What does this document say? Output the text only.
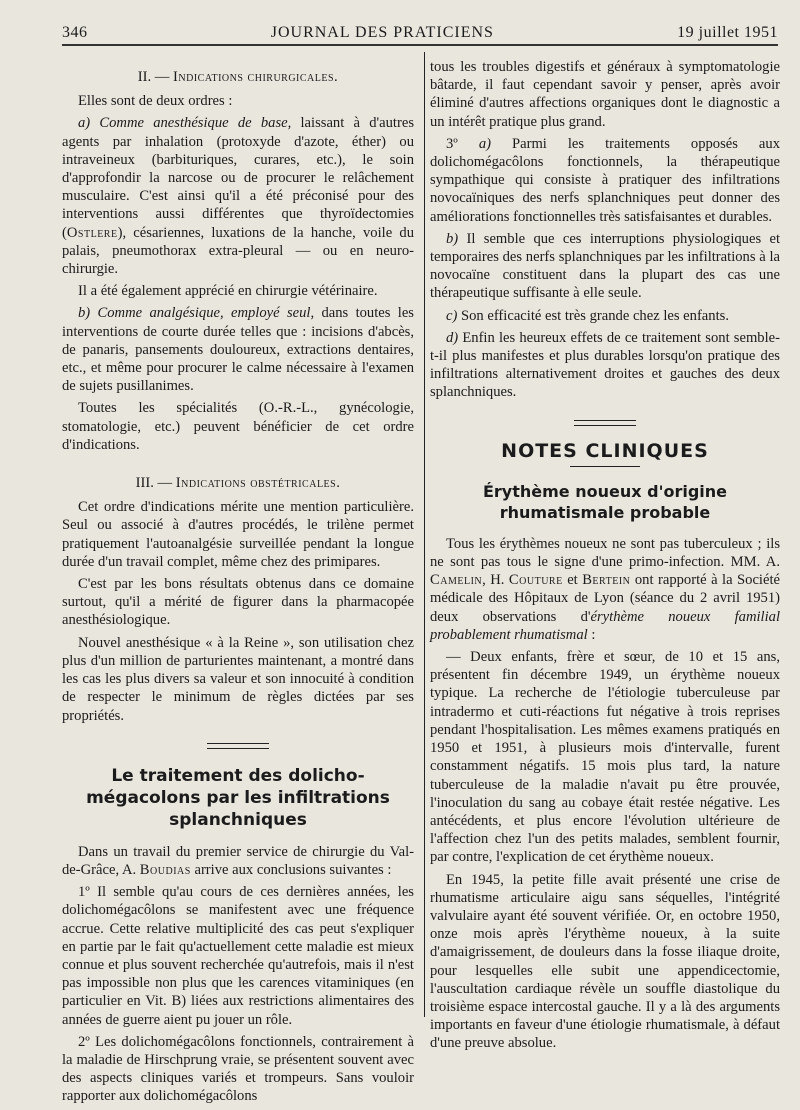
346	JOURNAL DES PRATICIENS	19 juillet 1951
II. — Indications chirurgicales.

Elles sont de deux ordres :

a) Comme anesthésique de base, laissant à d'autres agents par inhalation (protoxyde d'azote, éther) ou intraveineux (barbituriques, curares, etc.), le soin d'approfondir la narcose ou de procurer le relâchement musculaire. C'est ainsi qu'il a été préconisé pour des interventions aussi différentes que thyroïdectomies (Ostlere), césariennes, luxations de la hanche, voile du palais, pneumothorax extra-pleural — ou en neuro-chirurgie.

Il a été également apprécié en chirurgie vétérinaire.

b) Comme analgésique, employé seul, dans toutes les interventions de courte durée telles que : incisions d'abcès, de panaris, pansements douloureux, extractions dentaires, etc., et même pour procurer le calme nécessaire à l'examen de sujets pusillanimes.

Toutes les spécialités (O.-R.-L., gynécologie, stomatologie, etc.) peuvent bénéficier de cet ordre d'indications.

III. — Indications obstétricales.

Cet ordre d'indications mérite une mention particulière. Seul ou associé à d'autres procédés, le trilène permet pratiquement l'autoanalgésie surveillée pendant la longue durée d'un travail complet, même chez des primipares.

C'est par les bons résultats obtenus dans ce domaine surtout, qu'il a mérité de figurer dans la pharmacopée anesthésiologique.

Nouvel anesthésique « à la Reine », son utilisation chez plus d'un million de parturientes maintenant, a montré dans les cas les plus divers sa valeur et son innocuité à condition de respecter le minimum de règles dictées par ses propriétés.

Le traitement des dolicho-mégacolons par les infiltrations splanchniques

Dans un travail du premier service de chirurgie du Val-de-Grâce, A. Boudias arrive aux conclusions suivantes :

1º Il semble qu'au cours de ces dernières années, les dolichomégacôlons se manifestent avec une fréquence accrue. Cette relative multiplicité des cas peut s'expliquer en partie par le fait qu'actuellement cette maladie est mieux connue et plus souvent recherchée qu'autrefois, mais il n'est pas impossible non plus que les carences vitaminiques (en particulier en Vit. B) liées aux restrictions alimentaires des années de guerre aient pu jouer un rôle.

2º Les dolichomégacôlons fonctionnels, contrairement à la maladie de Hirschprung vraie, se présentent souvent avec des aspects cliniques variés et trompeurs. Sans vouloir rapporter aux dolichomégacôlons

tous les troubles digestifs et généraux à symptomatologie bâtarde, il faut cependant savoir y penser, après avoir éliminé d'autres affections organiques dont le diagnostic a un intérêt pratique plus grand.

3º a) Parmi les traitements opposés aux dolichomégacôlons fonctionnels, la thérapeutique sympathique qui consiste à pratiquer des infiltrations novocaïniques des nerfs splanchniques peut donner des améliorations fonctionnelles très satisfaisantes et durables.

b) Il semble que ces interruptions physiologiques et temporaires des nerfs splanchniques par les infiltrations à la novocaïne constituent dans la plupart des cas une thérapeutique suffisante à elle seule.

c) Son efficacité est très grande chez les enfants.

d) Enfin les heureux effets de ce traitement sont semble-t-il plus manifestes et plus durables lorsqu'on pratique des infiltrations alternativement droites et gauches des deux splanchniques.

NOTES CLINIQUES
Érythème noueux d'origine rhumatismale probable

Tous les érythèmes noueux ne sont pas tuberculeux ; ils ne sont pas tous le signe d'une primo-infection. MM. A. Camelin, H. Couture et Bertein ont rapporté à la Société médicale des Hôpitaux de Lyon (séance du 2 avril 1951) deux observations d'érythème noueux familial probablement rhumatismal :

— Deux enfants, frère et sœur, de 10 et 15 ans, présentent fin décembre 1949, un érythème noueux typique. La recherche de l'étiologie tuberculeuse par intradermo et cuti-réactions fut négative à trois reprises pendant l'hospitalisation. Les mêmes examens pratiqués en 1950 et 1951, à plusieurs mois d'intervalle, furent constamment négatifs. 15 mois plus tard, la nature tuberculeuse de la maladie n'avait pu être prouvée, l'inoculation du sang au cobaye était restée négative. Les antécédents, et plus encore l'évolution ultérieure de l'affection chez l'un des petits malades, semblent fournir, par contre, l'explication de cet érythème noueux.

En 1945, la petite fille avait présenté une crise de rhumatisme articulaire aigu sans séquelles, l'intégrité valvulaire ayant été souvent vérifiée. Or, en octobre 1950, onze mois après l'érythème noueux, à la suite d'amaigrissement, de douleurs dans la fosse iliaque droite, pour lesquelles elle subit une appendicectomie, l'auscultation cardiaque révèle un souffle diastolique du troisième espace intercostal gauche. Il y a là des arguments importants en faveur d'une étiologie rhumatismale, à défaut d'une preuve absolue.
